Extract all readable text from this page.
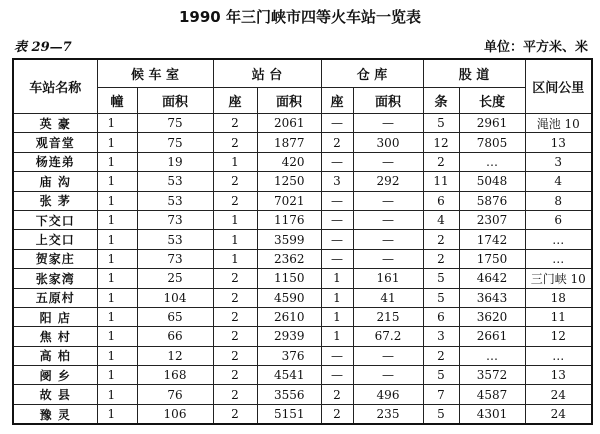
1990 年三门峡市四等火车站一览表
表 29—7	单位：平方米、米
车站名称	候 车 室		站 台		仓 库		股 道		区间公里
	幢	面积	座	面积	座	面积	条	长度	
英 豪	1	75	2	2061	—	—	5	2961	渑池 10
观音堂	1	75	2	1877	2	300	12	7805	13
杨连弟	1	19	1	420	—	—	2	…	3
庙 沟	1	53	2	1250	3	292	11	5048	4
张 茅	1	53	2	7021	—	—	6	5876	8
下交口	1	73	1	1176	—	—	4	2307	6
上交口	1	53	1	3599	—	—	2	1742	…
贺家庄	1	73	1	2362	—	—	2	1750	…
张家湾	1	25	2	1150	1	161	5	4642	三门峡 10
五原村	1	104	2	4590	1	41	5	3643	18
阳 店	1	65	2	2610	1	215	6	3620	11
焦 村	1	66	2	2939	1	67.2	3	2661	12
高 柏	1	12	2	376	—	—	2	…	…
阌 乡	1	168	2	4541	—	—	5	3572	13
故 县	1	76	2	3556	2	496	7	4587	24
豫 灵	1	106	2	5151	2	235	5	4301	24
